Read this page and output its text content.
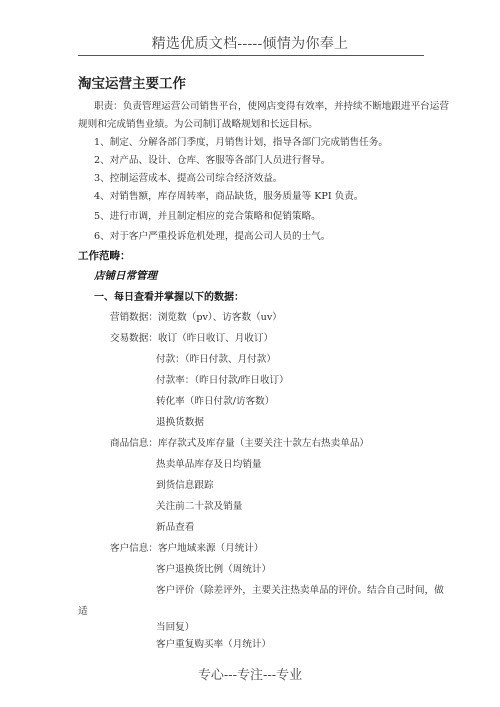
精选优质文档-----倾情为你奉上
淘宝运营主要工作
职责：负责管理运营公司销售平台，使网店变得有效率，并持续不断地跟进平台运营
规则和完成销售业绩。为公司制订战略规划和长远目标。
1、制定、分解各部门季度，月销售计划，指导各部门完成销售任务。
2、对产品、设计、仓库、客服等各部门人员进行督导。
3、控制运营成本、提高公司综合经济效益。
4、对销售额，库存周转率，商品缺货，服务质量等 KPI 负责。
5、进行市调，并且制定相应的竞合策略和促销策略。
6、对于客户严重投诉危机处理，提高公司人员的士气。
工作范畴：
店铺日常管理
一、每日查看并掌握以下的数据：
营销数据：浏览数（pv）、访客数（uv）
交易数据：收订（昨日收订、月收订）
付款：（昨日付款、月付款）
付款率：（昨日付款/昨日收订）
转化率（昨日付款/访客数）
退换货数据
商品信息：库存款式及库存量（主要关注十款左右热卖单品）
热卖单品库存及日均销量
到货信息跟踪
关注前二十款及销量
新品查看
客户信息：客户地域来源（月统计）
客户退换货比例（周统计）
客户评价（除差评外，主要关注热卖单品的评价。结合自己时间，做
适
当回复）
客户重复购买率（月统计）
专心---专注---专业
